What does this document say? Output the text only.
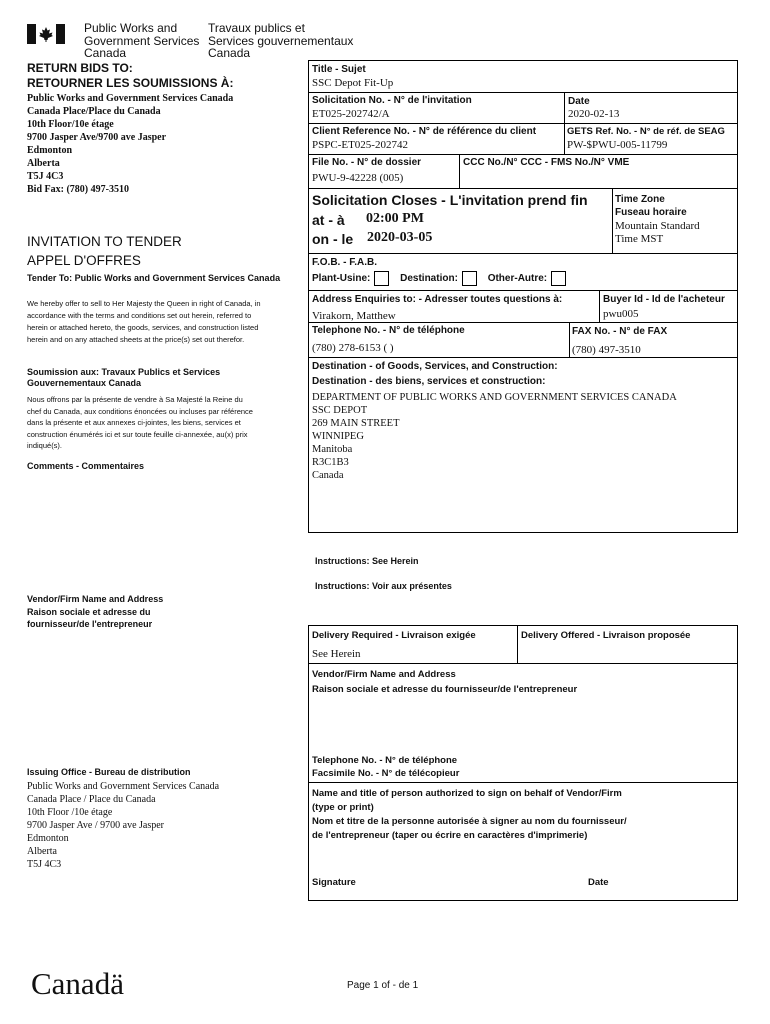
Public Works and
Government Services
Canada
Travaux publics et
Services gouvernementaux
Canada
RETURN BIDS TO:
RETOURNER LES SOUMISSIONS À:
Public Works and Government Services Canada
Canada Place/Place du Canada
10th Floor/10e étage
9700 Jasper Ave/9700 ave Jasper
Edmonton
Alberta
T5J 4C3
Bid Fax: (780) 497-3510
INVITATION TO TENDER
APPEL D'OFFRES
Tender To: Public Works and Government Services Canada
We hereby offer to sell to Her Majesty the Queen in right of Canada, in accordance with the terms and conditions set out herein, referred to herein or attached hereto, the goods, services, and construction listed herein and on any attached sheets at the price(s) set out therefor.
Soumission aux: Travaux Publics et Services Gouvernementaux Canada
Nous offrons par la présente de vendre à Sa Majesté la Reine du chef du Canada, aux conditions énoncées ou incluses par référence dans la présente et aux annexes ci-jointes, les biens, services et construction énumérés ici et sur toute feuille ci-annexée, au(x) prix indiqué(s).
Comments - Commentaires
Vendor/Firm Name and Address
Raison sociale et adresse du
fournisseur/de l'entrepreneur
Issuing Office - Bureau de distribution
Public Works and Government Services Canada
Canada Place / Place du Canada
10th Floor /10e étage
9700 Jasper Ave / 9700 ave Jasper
Edmonton
Alberta
T5J 4C3
Title - Sujet
SSC Depot Fit-Up
Solicitation No. - N° de l'invitation
ET025-202742/A
Date
2020-02-13
Client Reference No. - N° de référence du client
PSPC-ET025-202742
GETS Ref. No. - N° de réf. de SEAG
PW-$PWU-005-11799
File No. - N° de dossier
PWU-9-42228 (005)
CCC No./N° CCC - FMS No./N° VME
Solicitation Closes - L'invitation prend fin
at - à 02:00 PM
on - le 2020-03-05
Time Zone
Fuseau horaire
Mountain Standard
Time MST
F.O.B. - F.A.B.
Plant-Usine:	Destination:	Other-Autre:
Address Enquiries to: - Adresser toutes questions à:
Virakorn, Matthew
Buyer Id - Id de l'acheteur
pwu005
Telephone No. - N° de téléphone
(780) 278-6153 ( )
FAX No. - N° de FAX
(780) 497-3510
Destination - of Goods, Services, and Construction:
Destination - des biens, services et construction:
DEPARTMENT OF PUBLIC WORKS AND GOVERNMENT SERVICES CANADA
SSC DEPOT
269 MAIN STREET
WINNIPEG
Manitoba
R3C1B3
Canada
Instructions: See Herein
Instructions: Voir aux présentes
Delivery Required - Livraison exigée
See Herein
Delivery Offered - Livraison proposée
Vendor/Firm Name and Address
Raison sociale et adresse du fournisseur/de l'entrepreneur
Telephone No. - N° de téléphone
Facsimile No. - N° de télécopieur
Name and title of person authorized to sign on behalf of Vendor/Firm
(type or print)
Nom et titre de la personne autorisée à signer au nom du fournisseur/
de l'entrepreneur (taper ou écrire en caractères d'imprimerie)
Signature	Date
Canadä	Page 1 of - de 1
